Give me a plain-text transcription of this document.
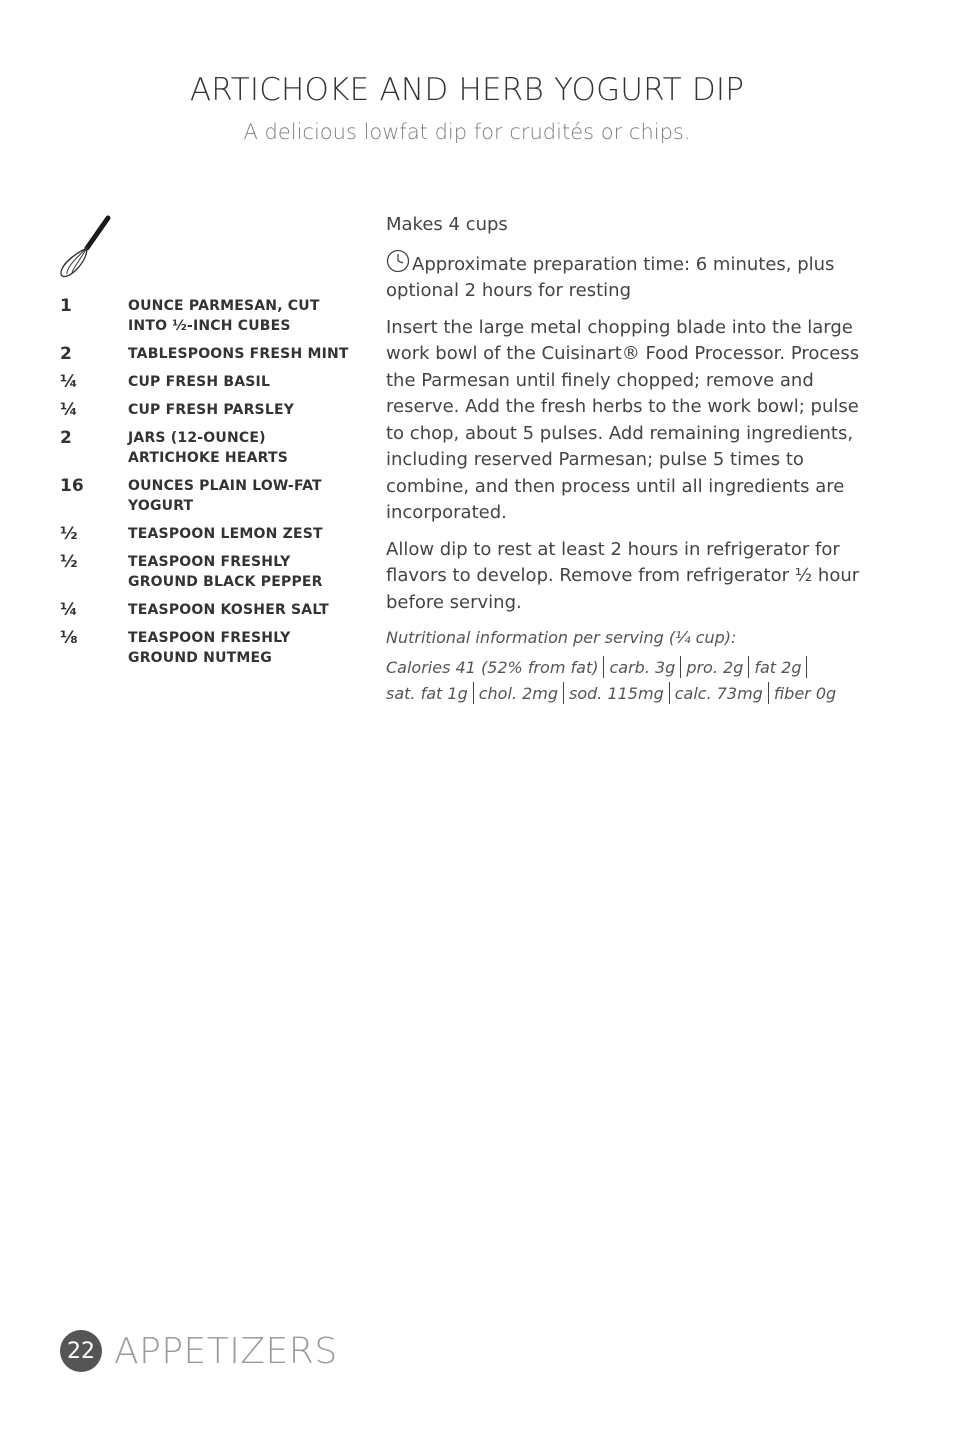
ARTICHOKE AND HERB YOGURT DIP
A delicious lowfat dip for crudités or chips.
1	OUNCE PARMESAN, CUT INTO ½-INCH CUBES
2	TABLESPOONS FRESH MINT
¼	CUP FRESH BASIL
¼	CUP FRESH PARSLEY
2	JARS (12-OUNCE) ARTICHOKE HEARTS
16	OUNCES PLAIN LOW-FAT YOGURT
½	TEASPOON LEMON ZEST
½	TEASPOON FRESHLY GROUND BLACK PEPPER
¼	TEASPOON KOSHER SALT
⅛	TEASPOON FRESHLY GROUND NUTMEG

Makes 4 cups

Approximate preparation time: 6 minutes, plus optional 2 hours for resting

Insert the large metal chopping blade into the large work bowl of the Cuisinart® Food Processor. Process the Parmesan until finely chopped; remove and reserve. Add the fresh herbs to the work bowl; pulse to chop, about 5 pulses. Add remaining ingredients, including reserved Parmesan; pulse 5 times to combine, and then process until all ingredients are incorporated.

Allow dip to rest at least 2 hours in refrigerator for flavors to develop. Remove from refrigerator ½ hour before serving.

Nutritional information per serving (¼ cup):
Calories 41 (52% from fat) carb. 3g pro. 2g fat 2g
sat. fat 1g chol. 2mg sod. 115mg calc. 73mg fiber 0g
22 APPETIZERS
